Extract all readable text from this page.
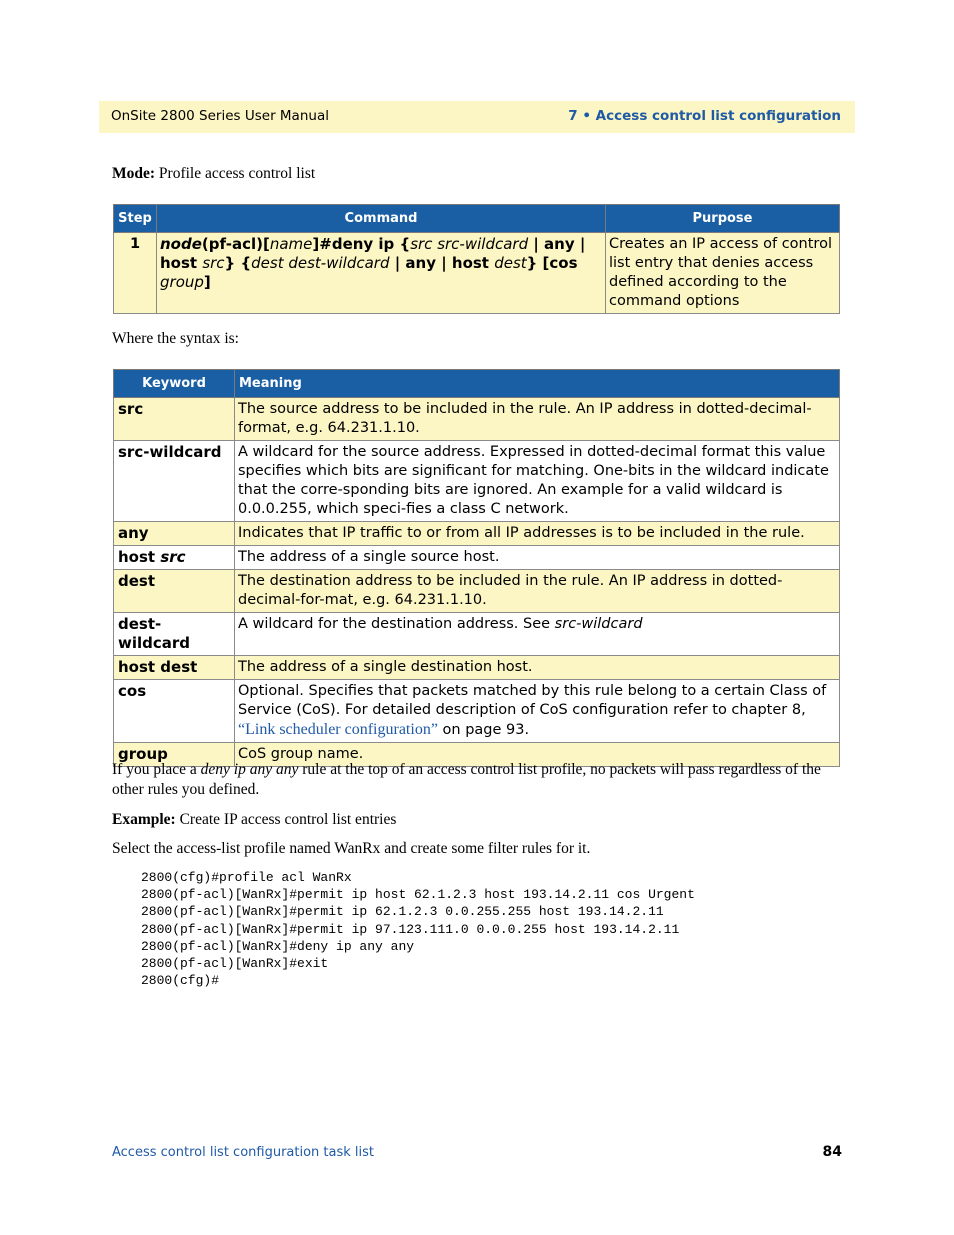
OnSite 2800 Series User Manual	7 • Access control list configuration
Mode: Profile access control list
Step	Command	Purpose
1	node(pf-acl)[name]#deny ip {src src-wildcard | any | host src} {dest dest-wildcard | any | host dest} [cos group]	Creates an IP access of control list entry that denies access defined according to the command options
Where the syntax is:
Keyword	Meaning
src	The source address to be included in the rule. An IP address in dotted-decimal-format, e.g. 64.231.1.10.
src-wildcard	A wildcard for the source address. Expressed in dotted-decimal format this value specifies which bits are significant for matching. One-bits in the wildcard indicate that the corre-sponding bits are ignored. An example for a valid wildcard is 0.0.0.255, which speci-fies a class C network.
any	Indicates that IP traffic to or from all IP addresses is to be included in the rule.
host src	The address of a single source host.
dest	The destination address to be included in the rule. An IP address in dotted-decimal-for-mat, e.g. 64.231.1.10.
dest-wildcard	A wildcard for the destination address. See src-wildcard
host dest	The address of a single destination host.
cos	Optional. Specifies that packets matched by this rule belong to a certain Class of Service (CoS). For detailed description of CoS configuration refer to chapter 8, “Link scheduler configuration” on page 93.
group	CoS group name.
If you place a deny ip any any rule at the top of an access control list profile, no packets will pass regardless of the other rules you defined.
Example: Create IP access control list entries
Select the access-list profile named WanRx and create some filter rules for it.
2800(cfg)#profile acl WanRx
2800(pf-acl)[WanRx]#permit ip host 62.1.2.3 host 193.14.2.11 cos Urgent
2800(pf-acl)[WanRx]#permit ip 62.1.2.3 0.0.255.255 host 193.14.2.11
2800(pf-acl)[WanRx]#permit ip 97.123.111.0 0.0.0.255 host 193.14.2.11
2800(pf-acl)[WanRx]#deny ip any any
2800(pf-acl)[WanRx]#exit
2800(cfg)#
Access control list configuration task list	84
